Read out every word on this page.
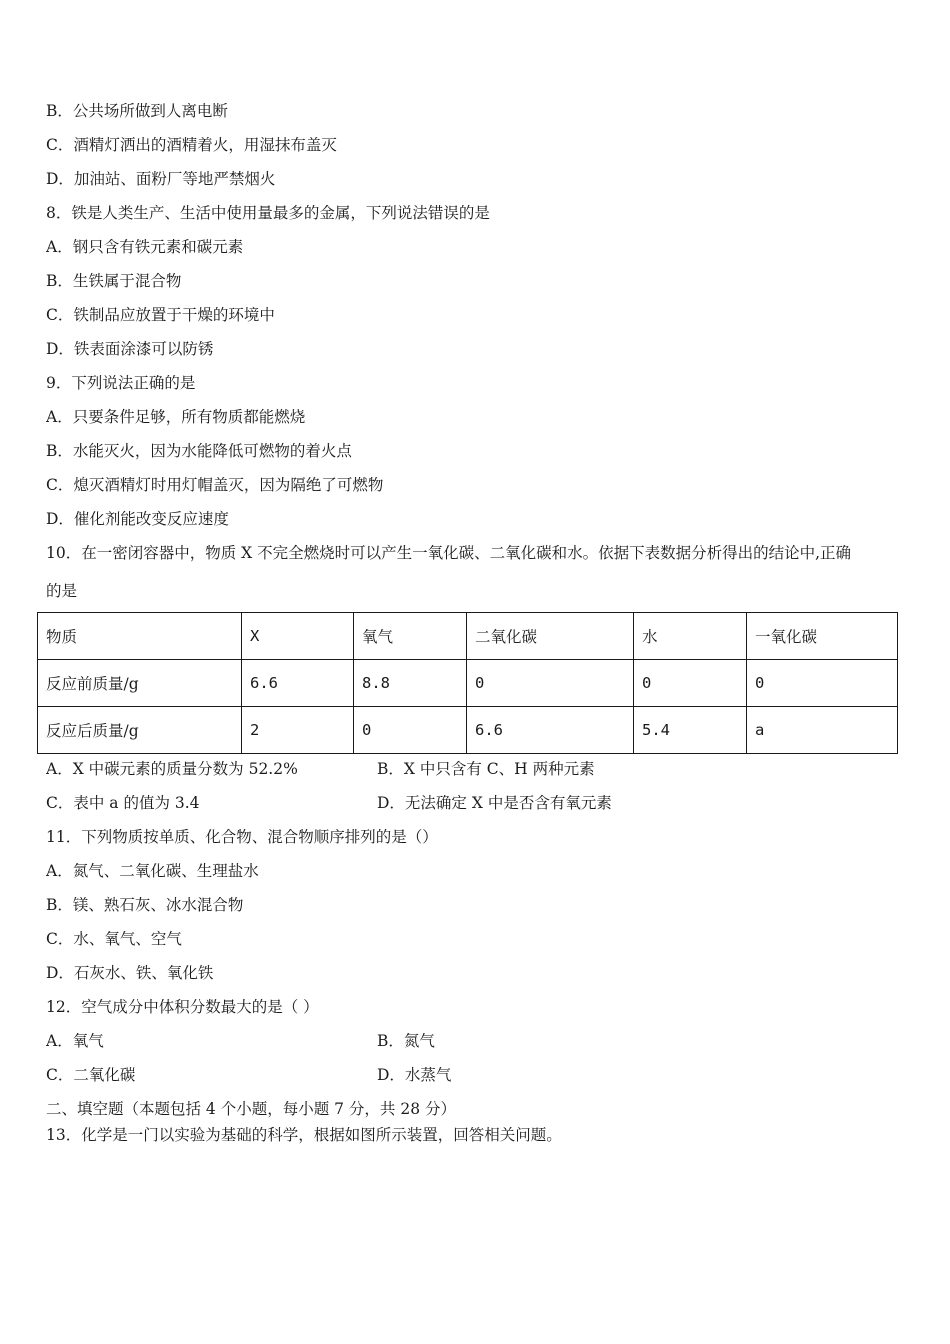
B．公共场所做到人离电断
C．酒精灯洒出的酒精着火，用湿抹布盖灭
D．加油站、面粉厂等地严禁烟火
8．铁是人类生产、生活中使用量最多的金属，下列说法错误的是
A．钢只含有铁元素和碳元素
B．生铁属于混合物
C．铁制品应放置于干燥的环境中
D．铁表面涂漆可以防锈
9．下列说法正确的是
A．只要条件足够，所有物质都能燃烧
B．水能灭火，因为水能降低可燃物的着火点
C．熄灭酒精灯时用灯帽盖灭，因为隔绝了可燃物
D．催化剂能改变反应速度
10．在一密闭容器中，物质 X 不完全燃烧时可以产生一氧化碳、二氧化碳和水。依据下表数据分析得出的结论中,正确
的是
物质	X	氧气	二氧化碳	水	一氧化碳
反应前质量/g	6.6	8.8	0	0	0
反应后质量/g	2	0	6.6	5.4	a
A．X 中碳元素的质量分数为 52.2%	B．X 中只含有 C、H 两种元素
C．表中 a 的值为 3.4	D．无法确定 X 中是否含有氧元素
11．下列物质按单质、化合物、混合物顺序排列的是（）
A．氮气、二氧化碳、生理盐水
B．镁、熟石灰、冰水混合物
C．水、氧气、空气
D．石灰水、铁、氧化铁
12．空气成分中体积分数最大的是（ ）
A．氧气	B．氮气
C．二氧化碳	D．水蒸气
二、填空题（本题包括 4 个小题，每小题 7 分，共 28 分）
13．化学是一门以实验为基础的科学，根据如图所示装置，回答相关问题。
